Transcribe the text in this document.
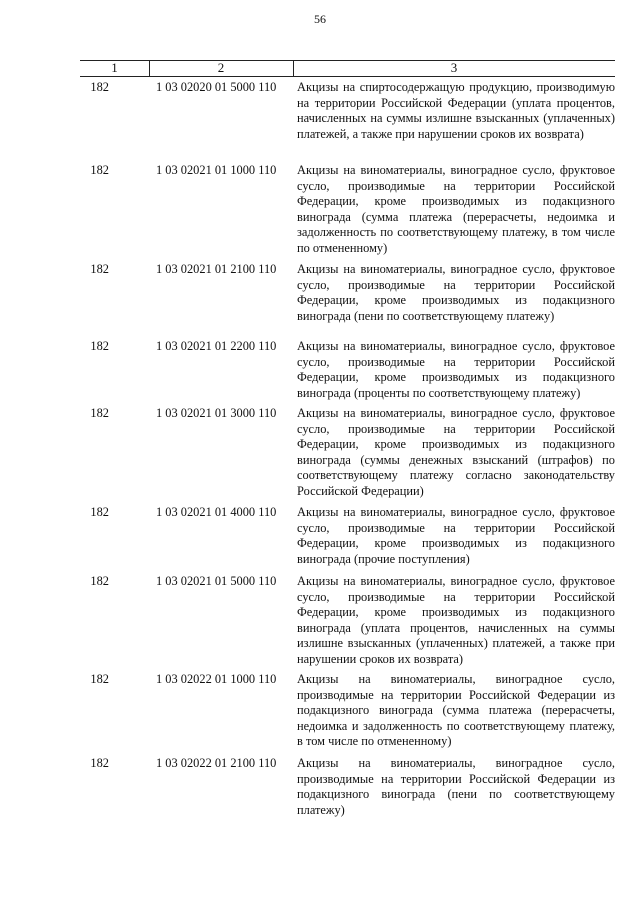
56
1	2	3
182	1 03 02020 01 5000 110	Акцизы на спиртосодержащую продукцию, производимую на территории Российской Федерации (уплата процентов, начисленных на суммы излишне взысканных (уплаченных) платежей, а также при нарушении сроков их возврата)
182	1 03 02021 01 1000 110	Акцизы на виноматериалы, виноградное сусло, фруктовое сусло, производимые на территории Российской Федерации, кроме производимых из подакцизного винограда (сумма платежа (перерасчеты, недоимка и задолженность по соответствующему платежу, в том числе по отмененному)
182	1 03 02021 01 2100 110	Акцизы на виноматериалы, виноградное сусло, фруктовое сусло, производимые на территории Российской Федерации, кроме производимых из подакцизного винограда (пени по соответствующему платежу)
182	1 03 02021 01 2200 110	Акцизы на виноматериалы, виноградное сусло, фруктовое сусло, производимые на территории Российской Федерации, кроме производимых из подакцизного винограда (проценты по соответствующему платежу)
182	1 03 02021 01 3000 110	Акцизы на виноматериалы, виноградное сусло, фруктовое сусло, производимые на территории Российской Федерации, кроме производимых из подакцизного винограда (суммы денежных взысканий (штрафов) по соответствующему платежу согласно законодательству Российской Федерации)
182	1 03 02021 01 4000 110	Акцизы на виноматериалы, виноградное сусло, фруктовое сусло, производимые на территории Российской Федерации, кроме производимых из подакцизного винограда (прочие поступления)
182	1 03 02021 01 5000 110	Акцизы на виноматериалы, виноградное сусло, фруктовое сусло, производимые на территории Российской Федерации, кроме производимых из подакцизного винограда (уплата процентов, начисленных на суммы излишне взысканных (уплаченных) платежей, а также при нарушении сроков их возврата)
182	1 03 02022 01 1000 110	Акцизы на виноматериалы, виноградное сусло, производимые на территории Российской Федерации из подакцизного винограда (сумма платежа (перерасчеты, недоимка и задолженность по соответствующему платежу, в том числе по отмененному)
182	1 03 02022 01 2100 110	Акцизы на виноматериалы, виноградное сусло, производимые на территории Российской Федерации из подакцизного винограда (пени по соответствующему платежу)
